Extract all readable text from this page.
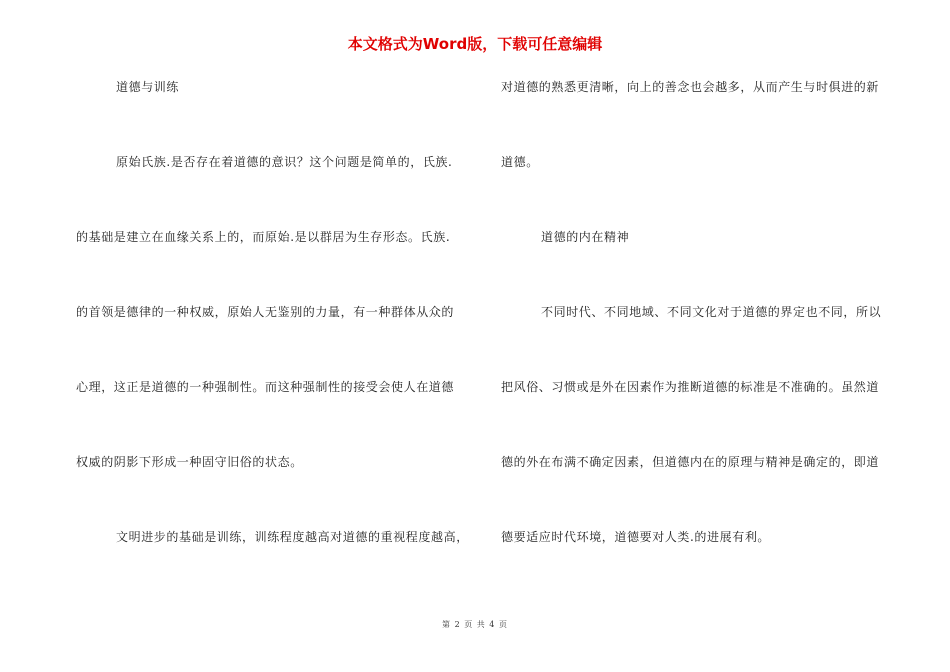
本文格式为Word版，下载可任意编辑
道德与训练
原始氏族.是否存在着道德的意识？这个问题是简单的，氏族.
的基础是建立在血缘关系上的，而原始.是以群居为生存形态。氏族.
的首领是德律的一种权威，原始人无鉴别的力量，有一种群体从众的
心理，这正是道德的一种强制性。而这种强制性的接受会使人在道德
权威的阴影下形成一种固守旧俗的状态。
文明进步的基础是训练，训练程度越高对道德的重视程度越高，
对道德的熟悉更清晰，向上的善念也会越多，从而产生与时俱进的新
道德。
道德的内在精神
不同时代、不同地域、不同文化对于道德的界定也不同，所以
把风俗、习惯或是外在因素作为推断道德的标准是不准确的。虽然道
德的外在布满不确定因素，但道德内在的原理与精神是确定的，即道
德要适应时代环境，道德要对人类.的进展有利。
第 2 页 共 4 页
